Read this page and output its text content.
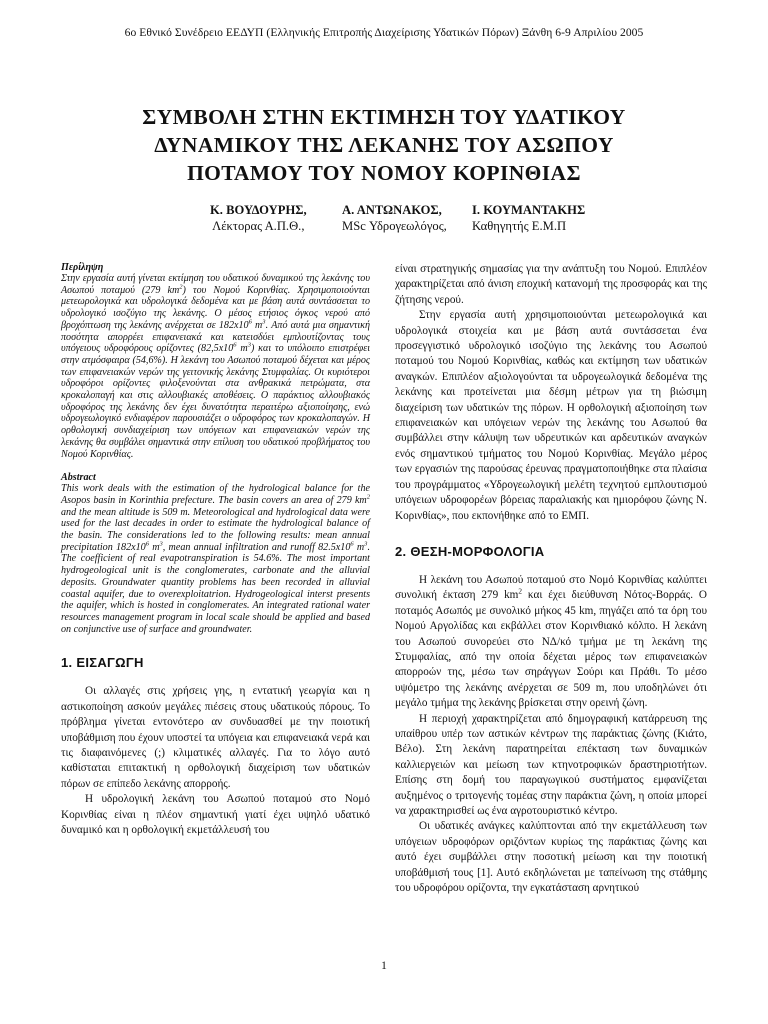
6ο Εθνικό Συνέδρειο ΕΕΔΥΠ (Ελληνικής Επιτροπής Διαχείρισης Υδατικών Πόρων) Ξάνθη 6-9 Απριλίου 2005
ΣΥΜΒΟΛΗ ΣΤΗΝ ΕΚΤΙΜΗΣΗ ΤΟΥ ΥΔΑΤΙΚΟΥ
ΔΥΝΑΜΙΚΟΥ ΤΗΣ ΛΕΚΑΝΗΣ ΤΟΥ ΑΣΩΠΟΥ
ΠΟΤΑΜΟΥ ΤΟΥ ΝΟΜΟΥ ΚΟΡΙΝΘΙΑΣ
Κ. ΒΟΥΔΟΥΡΗΣ,
Λέκτορας Α.Π.Θ.,
Α. ΑΝΤΩΝΑΚΟΣ,
MSc Υδρογεωλόγος,
Ι. ΚΟΥΜΑΝΤΑΚΗΣ
Καθηγητής Ε.Μ.Π
Περίληψη

Στην εργασία αυτή γίνεται εκτίμηση του υδατικού δυναμικού της λεκάνης του Ασωπού ποταμού (279 $km^2$) του Νομού Κορινθίας. Χρησιμοποιούνται μετεωρολογικά και υδρολογικά δεδομένα και με βάση αυτά συντάσσεται το υδρολογικό ισοζύγιο της λεκάνης. Ο μέσος ετήσιος όγκος νερού από βροχόπτωση της λεκάνης ανέρχεται σε $182x10^6$ $m^3$. Από αυτά μια σημαντική ποσότητα απορρέει επιφανειακά και κατεισδύει εμπλουτίζοντας τους υπόγειους υδροφόρους ορίζοντες ($82,5x10^6$ $m^3$) και το υπόλοιπο επιστρέφει στην ατμόσφαιρα (54,6%). Η λεκάνη του Ασωπού ποταμού δέχεται και μέρος των επιφανειακών νερών της γειτονικής λεκάνης Στυμφαλίας. Οι κυριότεροι υδροφόροι ορίζοντες φιλοξενούνται στα ανθρακικά πετρώματα, στα κροκαλοπαγή και στις αλλουβιακές αποθέσεις. Ο παράκτιος αλλουβιακός υδροφόρος της λεκάνης δεν έχει δυνατότητα περαιτέρω αξιοποίησης, ενώ υδρογεωλογικό ενδιαφέρον παρουσιάζει ο υδροφόρος των κροκαλοπαγών. Η ορθολογική συνδιαχείριση των υπόγειων και επιφανειακών νερών της λεκάνης θα συμβάλει σημαντικά στην επίλυση του υδατικού προβλήματος του Νομού Κορινθίας.

Abstract

This work deals with the estimation of the hydrological balance for the Asopos basin in Korinthia prefecture. The basin covers an area of 279 $km^2$ and the mean altitude is 509 m. Meteorological and hydrological data were used for the last decades in order to estimate the hydrological balance of the basin. The considerations led to the following results: mean annual precipitation $182x10^6$ $m^3$, mean annual infiltration and runoff $82.5x10^6$ $m^3$. The coefficient of real evapotranspiration is 54.6%. The most important hydrogeological unit is the conglomerates, carbonate and the alluvial deposits. Groundwater quantity problems has been recorded in alluvial coastal aquifer, due to overexploitatrion. Hydrogeological interst presents the aquifer, which is hosted in conglomerates. An integrated rational water resources management program in local scale should be applied and based on conjunctive use of surface and groundwater.

1. ΕΙΣΑΓΩΓΗ

Οι αλλαγές στις χρήσεις γης, η εντατική γεωργία και η αστικοποίηση ασκούν μεγάλες πιέσεις στους υδατικούς πόρους. Το πρόβλημα γίνεται εντονότερο αν συνδυασθεί με την ποιοτική υποβάθμιση που έχουν υποστεί τα υπόγεια και επιφανειακά νερά και τις διαφαινόμενες (;) κλιματικές αλλαγές. Για το λόγο αυτό καθίσταται επιτακτική η ορθολογική διαχείριση των υδατικών πόρων σε επίπεδο λεκάνης απορροής.

Η υδρολογική λεκάνη του Ασωπού ποταμού στο Νομό Κορινθίας είναι η πλέον σημαντική γιατί έχει υψηλό υδατικό δυναμικό και η ορθολογική εκμετάλλευσή του

είναι στρατηγικής σημασίας για την ανάπτυξη του Νομού. Επιπλέον χαρακτηρίζεται από άνιση εποχική κατανομή της προσφοράς και της ζήτησης νερού.

Στην εργασία αυτή χρησιμοποιούνται μετεωρολογικά και υδρολογικά στοιχεία και με βάση αυτά συντάσσεται ένα προσεγγιστικό υδρολογικό ισοζύγιο της λεκάνης του Ασωπού ποταμού του Νομού Κορινθίας, καθώς και εκτίμηση των υδατικών αναγκών. Επιπλέον αξιολογούνται τα υδρογεωλογικά δεδομένα της λεκάνης και προτείνεται μια δέσμη μέτρων για τη βιώσιμη διαχείριση των υδατικών της πόρων. Η ορθολογική αξιοποίηση των επιφανειακών και υπόγειων νερών της λεκάνης του Ασωπού θα συμβάλλει στην κάλυψη των υδρευτικών και αρδευτικών αναγκών ενός σημαντικού τμήματος του Νομού Κορινθίας. Μεγάλο μέρος των εργασιών της παρούσας έρευνας πραγματοποιήθηκε στα πλαίσια του προγράμματος «Υδρογεωλογική μελέτη τεχνητού εμπλουτισμού υπόγειων υδροφορέων βόρειας παραλιακής και ημιορόφου ζώνης Ν. Κορινθίας», που εκπονήθηκε από το ΕΜΠ.

2. ΘΕΣΗ-ΜΟΡΦΟΛΟΓΙΑ

Η λεκάνη του Ασωπού ποταμού στο Νομό Κορινθίας καλύπτει συνολική έκταση 279 $km^2$ και έχει διεύθυνση Νότος-Βορράς. Ο ποταμός Ασωπός με συνολικό μήκος 45 km, πηγάζει από τα όρη του Νομού Αργολίδας και εκβάλλει στον Κορινθιακό κόλπο. Η λεκάνη του Ασωπού συνορεύει στο ΝΔ/κό τμήμα με τη λεκάνη της Στυμφαλίας, από την οποία δέχεται μέρος των επιφανειακών απορροών της, μέσω των σηράγγων Σούρι και Πράθι. Το μέσο υψόμετρο της λεκάνης ανέρχεται σε 509 m, που υποδηλώνει ότι μεγάλο τμήμα της λεκάνης βρίσκεται στην ορεινή ζώνη.

Η περιοχή χαρακτηρίζεται από δημογραφική κατάρρευση της υπαίθρου υπέρ των αστικών κέντρων της παράκτιας ζώνης (Κιάτο, Βέλο). Στη λεκάνη παρατηρείται επέκταση των δυναμικών καλλιεργειών και μείωση των κτηνοτροφικών δραστηριοτήτων. Επίσης στη δομή του παραγωγικού συστήματος εμφανίζεται αυξημένος ο τριτογενής τομέας στην παράκτια ζώνη, η οποία μπορεί να χαρακτηρισθεί ως ένα αγροτουριστικό κέντρο.

Οι υδατικές ανάγκες καλύπτονται από την εκμετάλλευση των υπόγειων υδροφόρων οριζόντων κυρίως της παράκτιας ζώνης και αυτό έχει συμβάλλει στην ποσοτική μείωση και την ποιοτική υποβάθμισή τους [1]. Αυτό εκδηλώνεται με ταπείνωση της στάθμης του υδροφόρου ορίζοντα, την εγκατάσταση αρνητικού

1
